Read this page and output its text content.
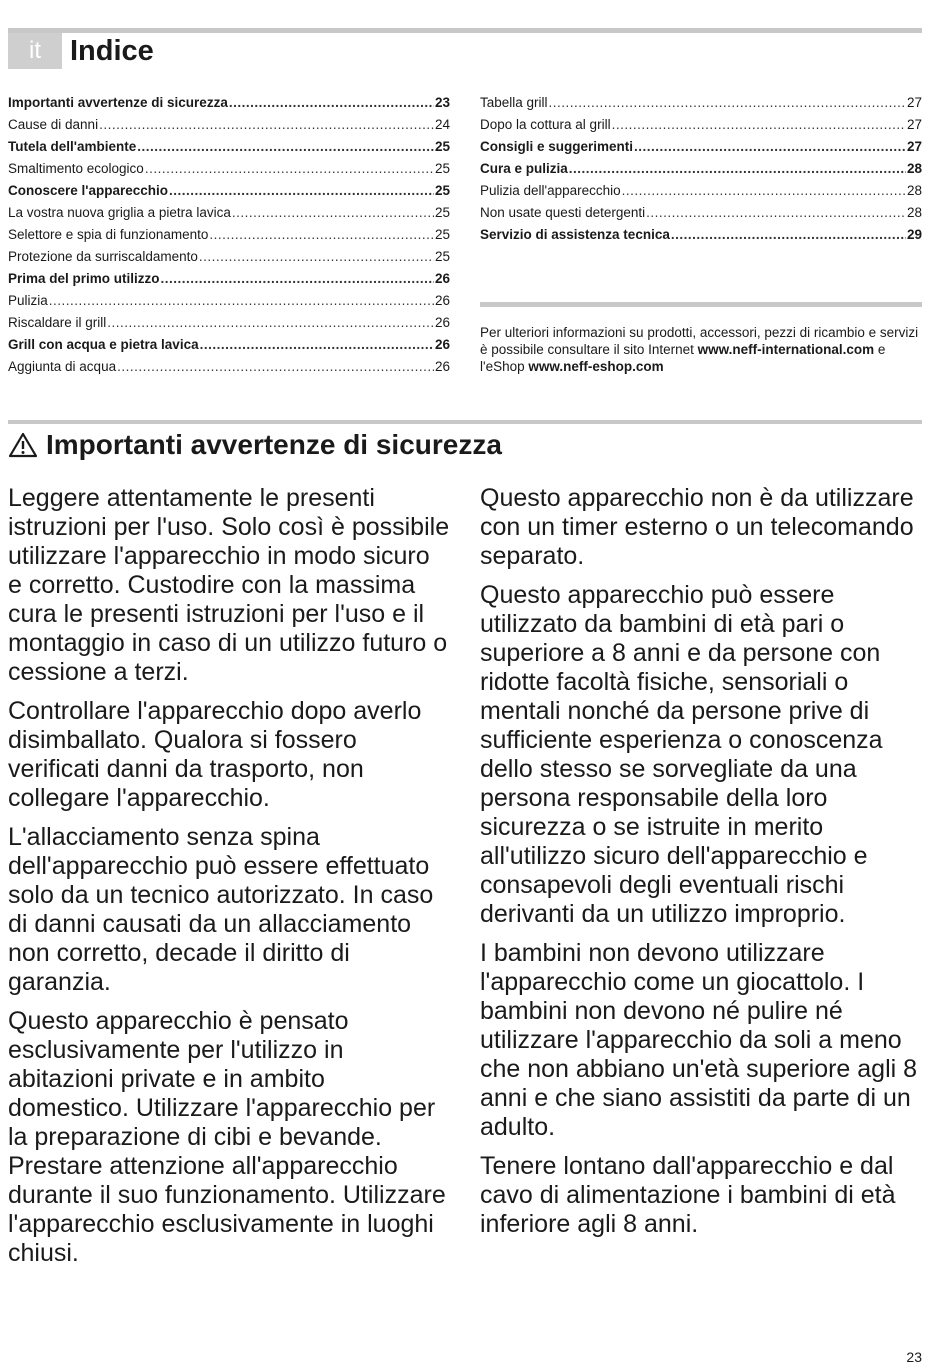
it	Indice
Importanti avvertenze di sicurezza .....	23
Cause di danni .....	24
Tutela dell'ambiente .....	25
Smaltimento ecologico .....	25
Conoscere l'apparecchio .....	25
La vostra nuova griglia a pietra lavica .....	25
Selettore e spia di funzionamento .....	25
Protezione da surriscaldamento .....	25
Prima del primo utilizzo .....	26
Pulizia .....	26
Riscaldare il grill .....	26
Grill con acqua e pietra lavica .....	26
Aggiunta di acqua .....	26
Tabella grill .....	27
Dopo la cottura al grill .....	27
Consigli e suggerimenti .....	27
Cura e pulizia .....	28
Pulizia dell'apparecchio .....	28
Non usate questi detergenti .....	28
Servizio di assistenza tecnica .....	29
Per ulteriori informazioni su prodotti, accessori, pezzi di ricambio e servizi è possibile consultare il sito Internet www.neff-international.com e l'eShop www.neff-eshop.com
Importanti avvertenze di sicurezza

Leggere attentamente le presenti istruzioni per l'uso. Solo così è possibile utilizzare l'apparecchio in modo sicuro e corretto. Custodire con la massima cura le presenti istruzioni per l'uso e il montaggio in caso di un utilizzo futuro o cessione a terzi.

Controllare l'apparecchio dopo averlo disimballato. Qualora si fossero verificati danni da trasporto, non collegare l'apparecchio.

L'allacciamento senza spina dell'apparecchio può essere effettuato solo da un tecnico autorizzato. In caso di danni causati da un allacciamento non corretto, decade il diritto di garanzia.

Questo apparecchio è pensato esclusivamente per l'utilizzo in abitazioni private e in ambito domestico. Utilizzare l'apparecchio per la preparazione di cibi e bevande. Prestare attenzione all'apparecchio durante il suo funzionamento. Utilizzare l'apparecchio esclusivamente in luoghi chiusi.

Questo apparecchio non è da utilizzare con un timer esterno o un telecomando separato.

Questo apparecchio può essere utilizzato da bambini di età pari o superiore a 8 anni e da persone con ridotte facoltà fisiche, sensoriali o mentali nonché da persone prive di sufficiente esperienza o conoscenza dello stesso se sorvegliate da una persona responsabile della loro sicurezza o se istruite in merito all'utilizzo sicuro dell'apparecchio e consapevoli degli eventuali rischi derivanti da un utilizzo improprio.

I bambini non devono utilizzare l'apparecchio come un giocattolo. I bambini non devono né pulire né utilizzare l'apparecchio da soli a meno che non abbiano un'età superiore agli 8 anni e che siano assistiti da parte di un adulto.

Tenere lontano dall'apparecchio e dal cavo di alimentazione i bambini di età inferiore agli 8 anni.

23
